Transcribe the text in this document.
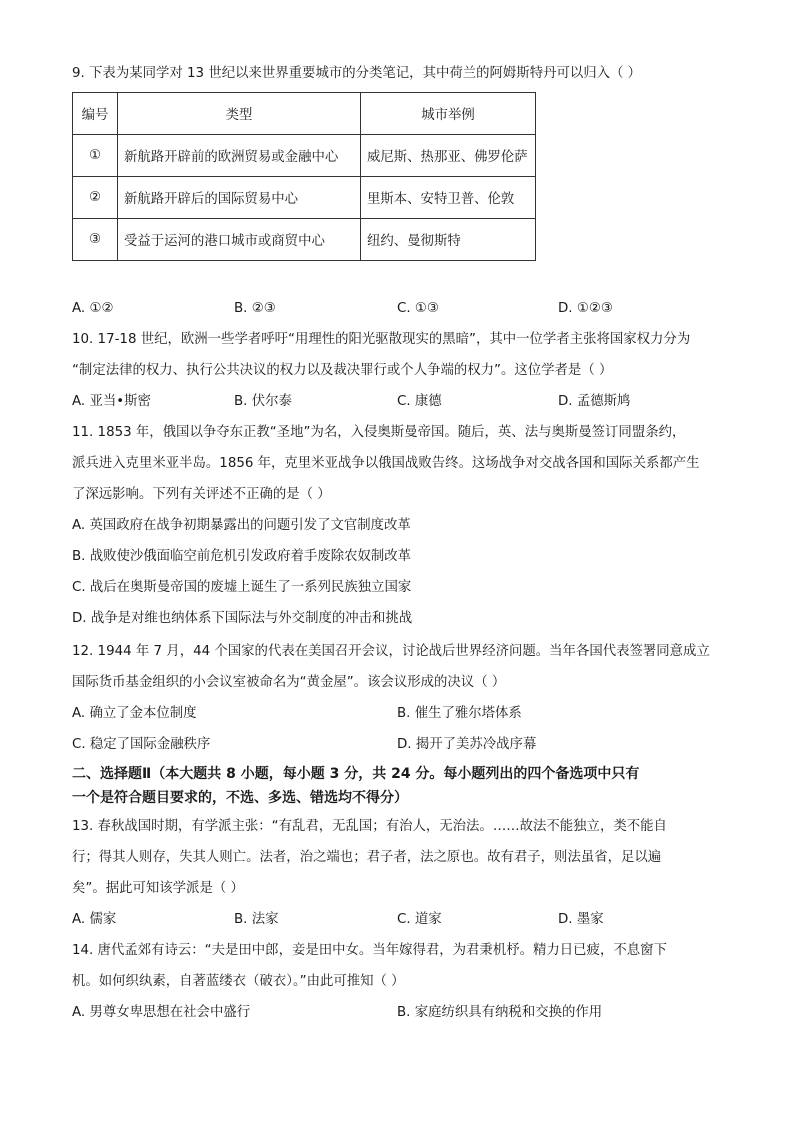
9. 下表为某同学对 13 世纪以来世界重要城市的分类笔记，其中荷兰的阿姆斯特丹可以归入（ ）
编号	类型	城市举例
①	新航路开辟前的欧洲贸易或金融中心	威尼斯、热那亚、佛罗伦萨
②	新航路开辟后的国际贸易中心	里斯本、安特卫普、伦敦
③	受益于运河的港口城市或商贸中心	纽约、曼彻斯特
A. ①②	B. ②③	C. ①③	D. ①②③
10. 17-18 世纪，欧洲一些学者呼吁“用理性的阳光驱散现实的黑暗”，其中一位学者主张将国家权力分为
“制定法律的权力、执行公共决议的权力以及裁决罪行或个人争端的权力”。这位学者是（ ）
A. 亚当•斯密	B. 伏尔泰	C. 康德	D. 孟德斯鸠
11. 1853 年，俄国以争夺东正教“圣地”为名，入侵奥斯曼帝国。随后，英、法与奥斯曼签订同盟条约，
派兵进入克里米亚半岛。1856 年，克里米亚战争以俄国战败告终。这场战争对交战各国和国际关系都产生
了深远影响。下列有关评述不正确的是（ ）
A. 英国政府在战争初期暴露出的问题引发了文官制度改革
B. 战败使沙俄面临空前危机引发政府着手废除农奴制改革
C. 战后在奥斯曼帝国的废墟上诞生了一系列民族独立国家
D. 战争是对维也纳体系下国际法与外交制度的冲击和挑战
12. 1944 年 7 月，44 个国家的代表在美国召开会议，讨论战后世界经济问题。当年各国代表签署同意成立
国际货币基金组织的小会议室被命名为“黄金屋”。该会议形成的决议（ ）
A. 确立了金本位制度	B. 催生了雅尔塔体系
C. 稳定了国际金融秩序	D. 揭开了美苏冷战序幕
二、选择题Ⅱ（本大题共 8 小题，每小题 3 分，共 24 分。每小题列出的四个备选项中只有
一个是符合题目要求的，不选、多选、错选均不得分）
13. 春秋战国时期，有学派主张：“有乱君，无乱国；有治人，无治法。……故法不能独立，类不能自
行；得其人则存，失其人则亡。法者，治之端也；君子者，法之原也。故有君子，则法虽省，足以遍
矣”。据此可知该学派是（ ）
A. 儒家	B. 法家	C. 道家	D. 墨家
14. 唐代孟郊有诗云：“夫是田中郎，妾是田中女。当年嫁得君，为君秉机杼。精力日已疲，不息窗下
机。如何织纨素，自著蓝缕衣（破衣）。”由此可推知（ ）
A. 男尊女卑思想在社会中盛行	B. 家庭纺织具有纳税和交换的作用
